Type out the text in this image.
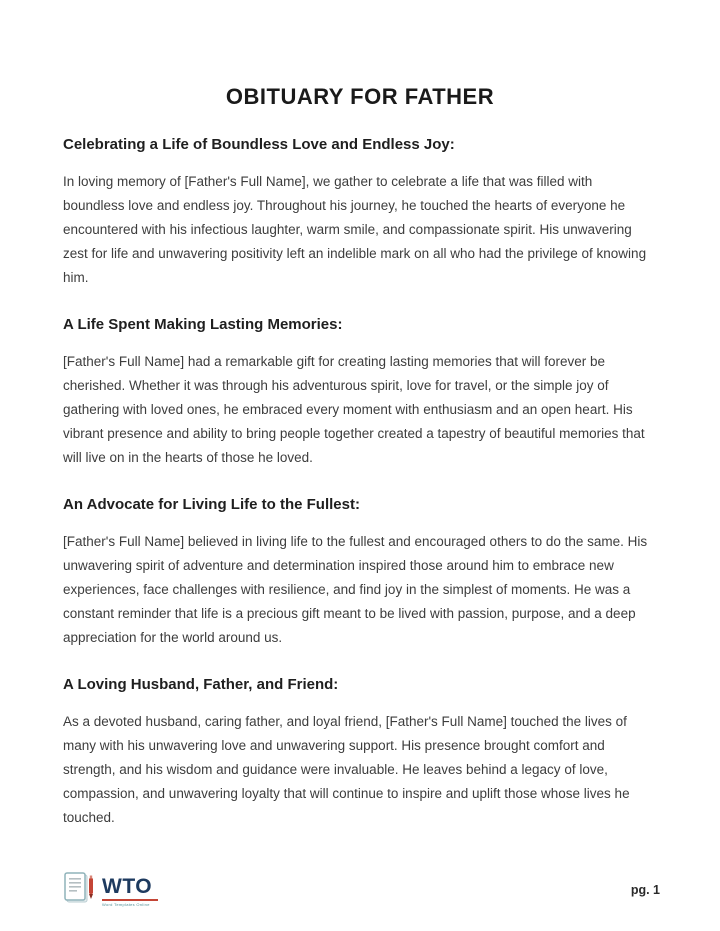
OBITUARY FOR FATHER
Celebrating a Life of Boundless Love and Endless Joy:

In loving memory of [Father's Full Name], we gather to celebrate a life that was filled with boundless love and endless joy. Throughout his journey, he touched the hearts of everyone he encountered with his infectious laughter, warm smile, and compassionate spirit. His unwavering zest for life and unwavering positivity left an indelible mark on all who had the privilege of knowing him.

A Life Spent Making Lasting Memories:

[Father's Full Name] had a remarkable gift for creating lasting memories that will forever be cherished. Whether it was through his adventurous spirit, love for travel, or the simple joy of gathering with loved ones, he embraced every moment with enthusiasm and an open heart. His vibrant presence and ability to bring people together created a tapestry of beautiful memories that will live on in the hearts of those he loved.

An Advocate for Living Life to the Fullest:

[Father's Full Name] believed in living life to the fullest and encouraged others to do the same. His unwavering spirit of adventure and determination inspired those around him to embrace new experiences, face challenges with resilience, and find joy in the simplest of moments. He was a constant reminder that life is a precious gift meant to be lived with passion, purpose, and a deep appreciation for the world around us.

A Loving Husband, Father, and Friend:

As a devoted husband, caring father, and loyal friend, [Father's Full Name] touched the lives of many with his unwavering love and unwavering support. His presence brought comfort and strength, and his wisdom and guidance were invaluable. He leaves behind a legacy of love, compassion, and unwavering loyalty that will continue to inspire and uplift those whose lives he touched.

WTO
Word Templates Online
pg. 1
